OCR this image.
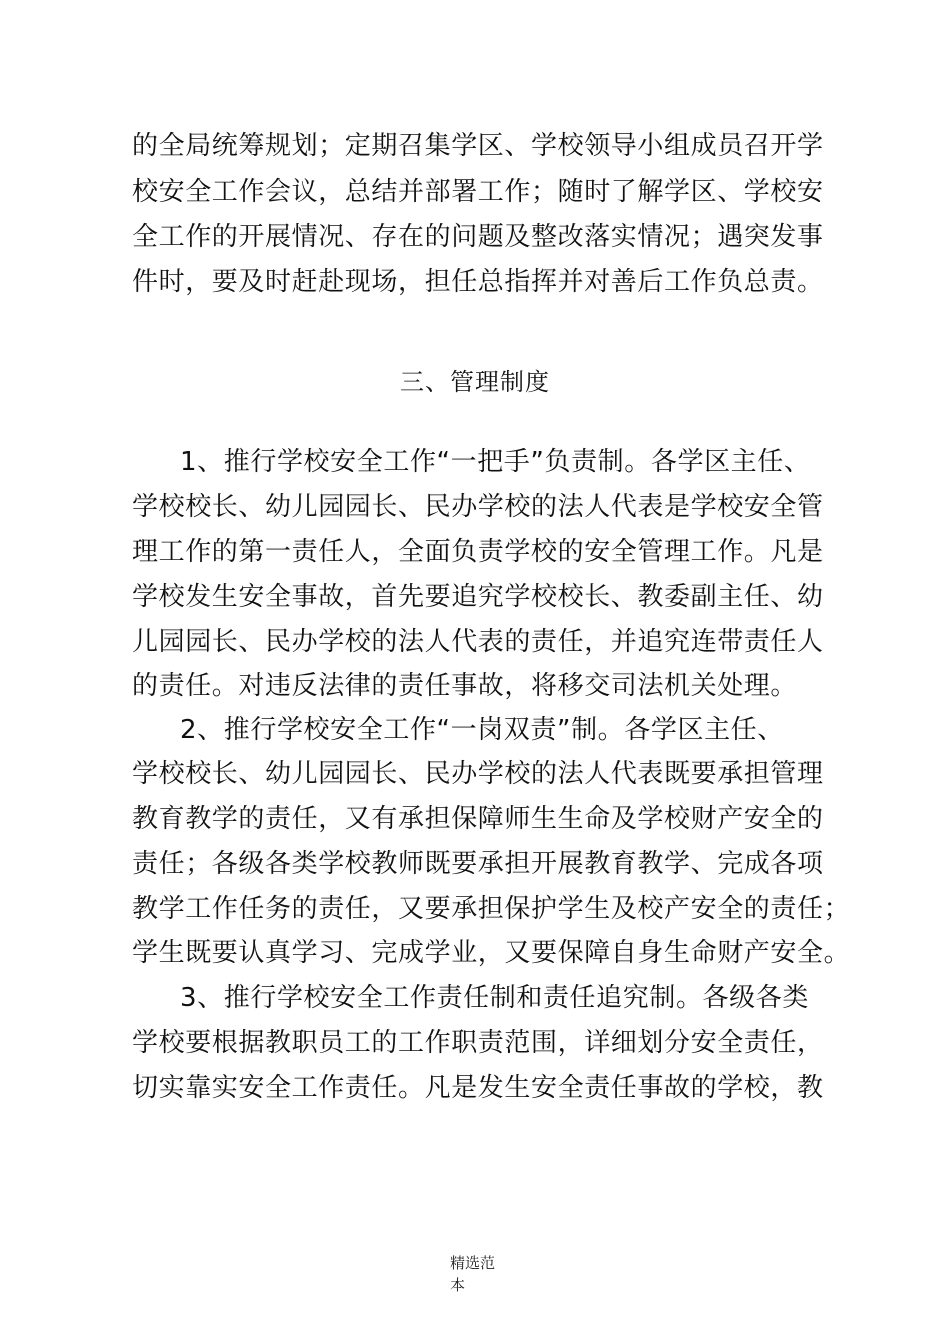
的全局统筹规划；定期召集学区、学校领导小组成员召开学
校安全工作会议，总结并部署工作；随时了解学区、学校安
全工作的开展情况、存在的问题及整改落实情况；遇突发事
件时，要及时赶赴现场，担任总指挥并对善后工作负总责。
三、管理制度
1、推行学校安全工作“一把手”负责制。各学区主任、
学校校长、幼儿园园长、民办学校的法人代表是学校安全管
理工作的第一责任人，全面负责学校的安全管理工作。凡是
学校发生安全事故，首先要追究学校校长、教委副主任、幼
儿园园长、民办学校的法人代表的责任，并追究连带责任人
的责任。对违反法律的责任事故，将移交司法机关处理。
2、推行学校安全工作“一岗双责”制。各学区主任、
学校校长、幼儿园园长、民办学校的法人代表既要承担管理
教育教学的责任，又有承担保障师生生命及学校财产安全的
责任；各级各类学校教师既要承担开展教育教学、完成各项
教学工作任务的责任，又要承担保护学生及校产安全的责任；
学生既要认真学习、完成学业，又要保障自身生命财产安全。
3、推行学校安全工作责任制和责任追究制。各级各类
学校要根据教职员工的工作职责范围，详细划分安全责任，
切实靠实安全工作责任。凡是发生安全责任事故的学校，教
精选范
本
